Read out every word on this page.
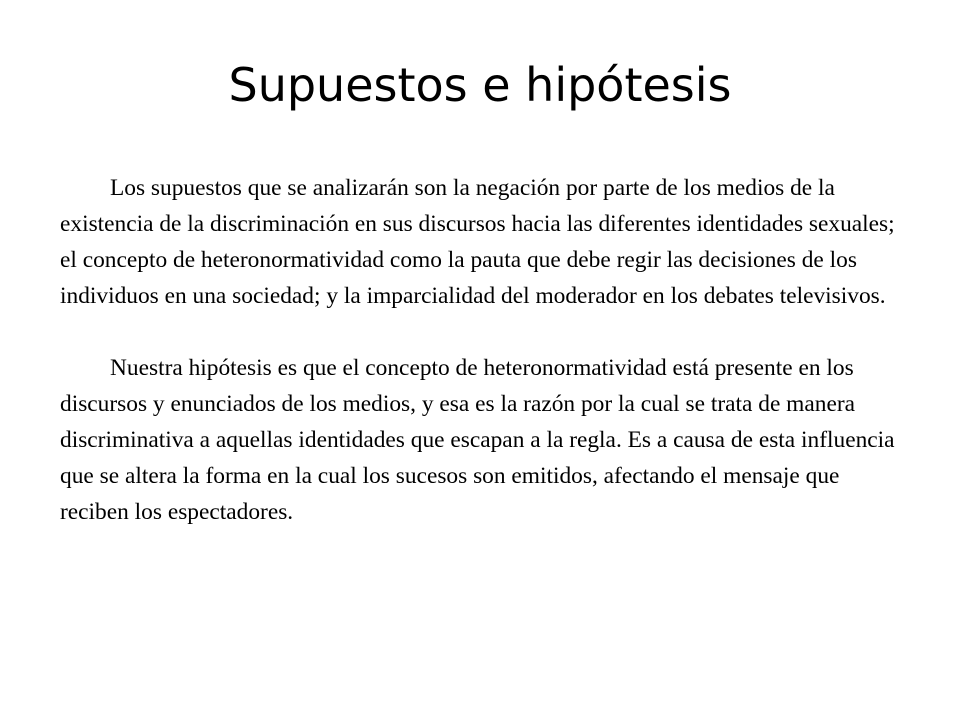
Supuestos e hipótesis

Los supuestos que se analizarán son la negación por parte de los medios de la existencia de la discriminación en sus discursos hacia las diferentes identidades sexuales; el concepto de heteronormatividad como la pauta que debe regir las decisiones de los individuos en una sociedad; y la imparcialidad del moderador en los debates televisivos.

Nuestra hipótesis es que el concepto de heteronormatividad está presente en los discursos y enunciados de los medios, y esa es la razón por la cual se trata de manera discriminativa a aquellas identidades que escapan a la regla. Es a causa de esta influencia que se altera la forma en la cual los sucesos son emitidos, afectando el mensaje que reciben los espectadores.
